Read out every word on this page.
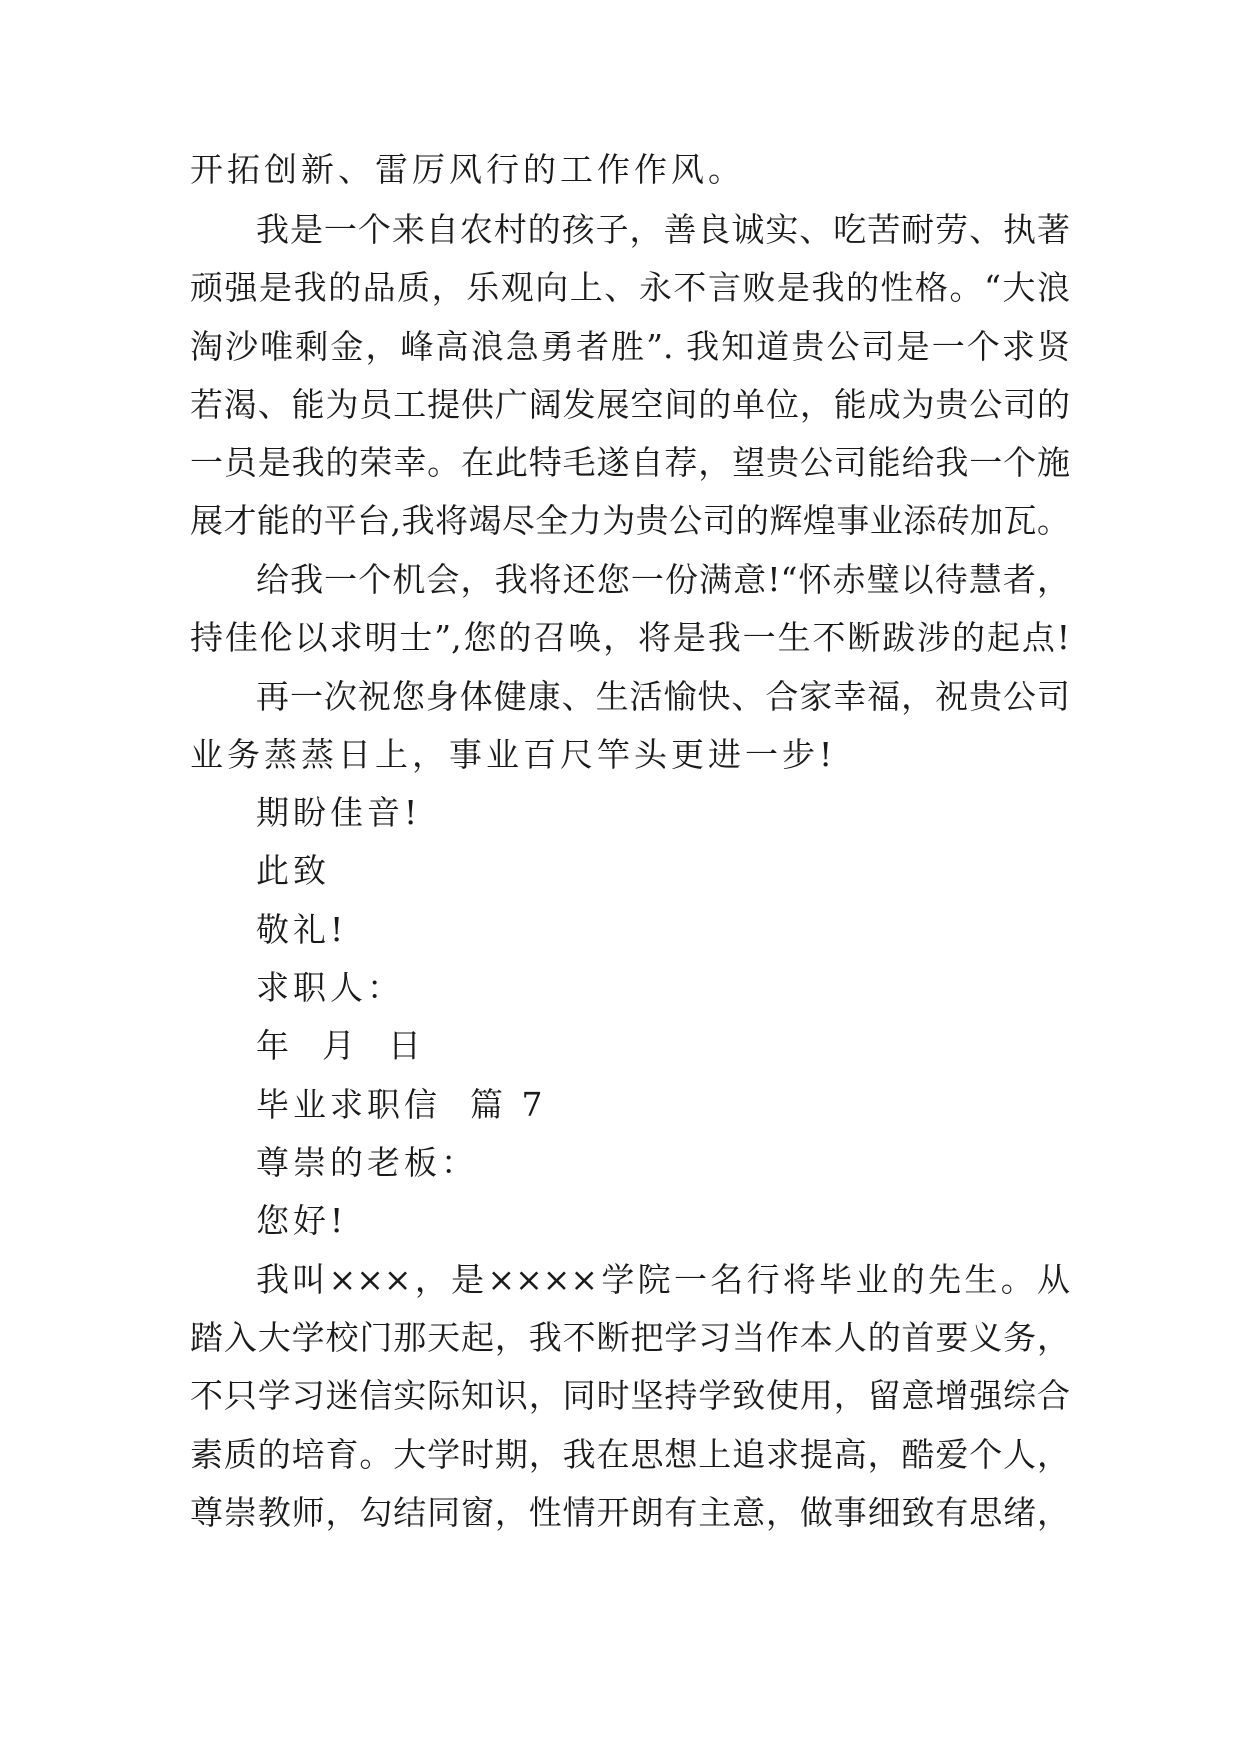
开拓创新、雷厉风行的工作作风。
我是一个来自农村的孩子，善良诚实、吃苦耐劳、执著
顽强是我的品质，乐观向上、永不言败是我的性格。“大浪
淘沙唯剩金，峰高浪急勇者胜”. 我知道贵公司是一个求贤
若渴、能为员工提供广阔发展空间的单位，能成为贵公司的
一员是我的荣幸。在此特毛遂自荐，望贵公司能给我一个施
展才能的平台,我将竭尽全力为贵公司的辉煌事业添砖加瓦。
给我一个机会，我将还您一份满意!“怀赤璧以待慧者，
持佳伦以求明士”,您的召唤，将是我一生不断跋涉的起点!
再一次祝您身体健康、生活愉快、合家幸福，祝贵公司
业务蒸蒸日上，事业百尺竿头更进一步!
期盼佳音!
此致
敬礼!
求职人：
年  月  日
毕业求职信  篇 7
尊崇的老板：
您好!
我叫×××，是××××学院一名行将毕业的先生。从
踏入大学校门那天起，我不断把学习当作本人的首要义务，
不只学习迷信实际知识，同时坚持学致使用，留意增强综合
素质的培育。大学时期，我在思想上追求提高，酷爱个人，
尊崇教师，勾结同窗，性情开朗有主意，做事细致有思绪，
